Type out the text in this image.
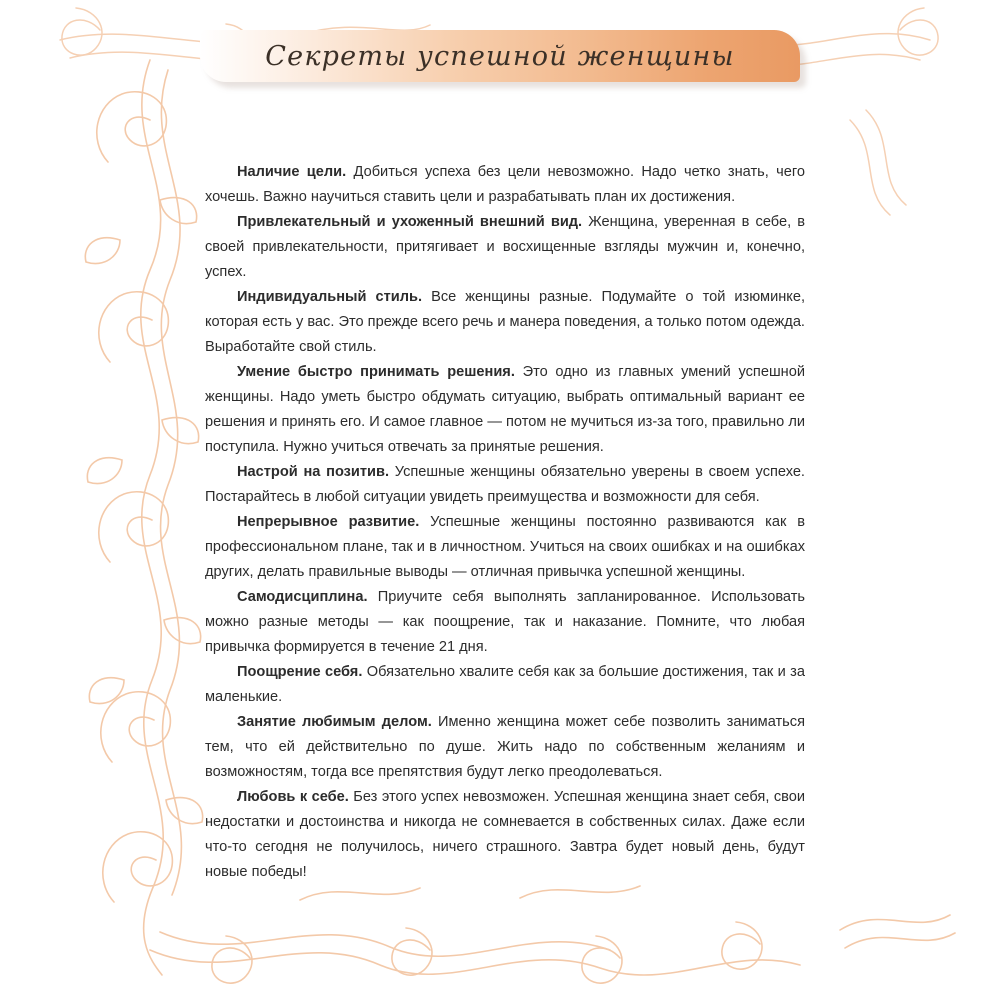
Секреты успешной женщины

Наличие цели. Добиться успеха без цели невозможно. Надо четко знать, чего хочешь. Важно научиться ставить цели и разрабатывать план их достижения.

Привлекательный и ухоженный внешний вид. Женщина, уверенная в себе, в своей привлекательности, притягивает и восхищенные взгляды мужчин и, конечно, успех.

Индивидуальный стиль. Все женщины разные. Подумайте о той изюминке, которая есть у вас. Это прежде всего речь и манера поведения, а только потом одежда. Выработайте свой стиль.

Умение быстро принимать решения. Это одно из главных умений успешной женщины. Надо уметь быстро обдумать ситуацию, выбрать оптимальный вариант ее решения и принять его. И самое главное — потом не мучиться из-за того, правильно ли поступила. Нужно учиться отвечать за принятые решения.

Настрой на позитив. Успешные женщины обязательно уверены в своем успехе. Постарайтесь в любой ситуации увидеть преимущества и возможности для себя.

Непрерывное развитие. Успешные женщины постоянно развиваются как в профессиональном плане, так и в личностном. Учиться на своих ошибках и на ошибках других, делать правильные выводы — отличная привычка успешной женщины.

Самодисциплина. Приучите себя выполнять запланированное. Использовать можно разные методы — как поощрение, так и наказание. Помните, что любая привычка формируется в течение 21 дня.

Поощрение себя. Обязательно хвалите себя как за большие достижения, так и за маленькие.

Занятие любимым делом. Именно женщина может себе позволить заниматься тем, что ей действительно по душе. Жить надо по собственным желаниям и возможностям, тогда все препятствия будут легко преодолеваться.

Любовь к себе. Без этого успех невозможен. Успешная женщина знает себя, свои недостатки и достоинства и никогда не сомневается в собственных силах. Даже если что-то сегодня не получилось, ничего страшного. Завтра будет новый день, будут новые победы!
